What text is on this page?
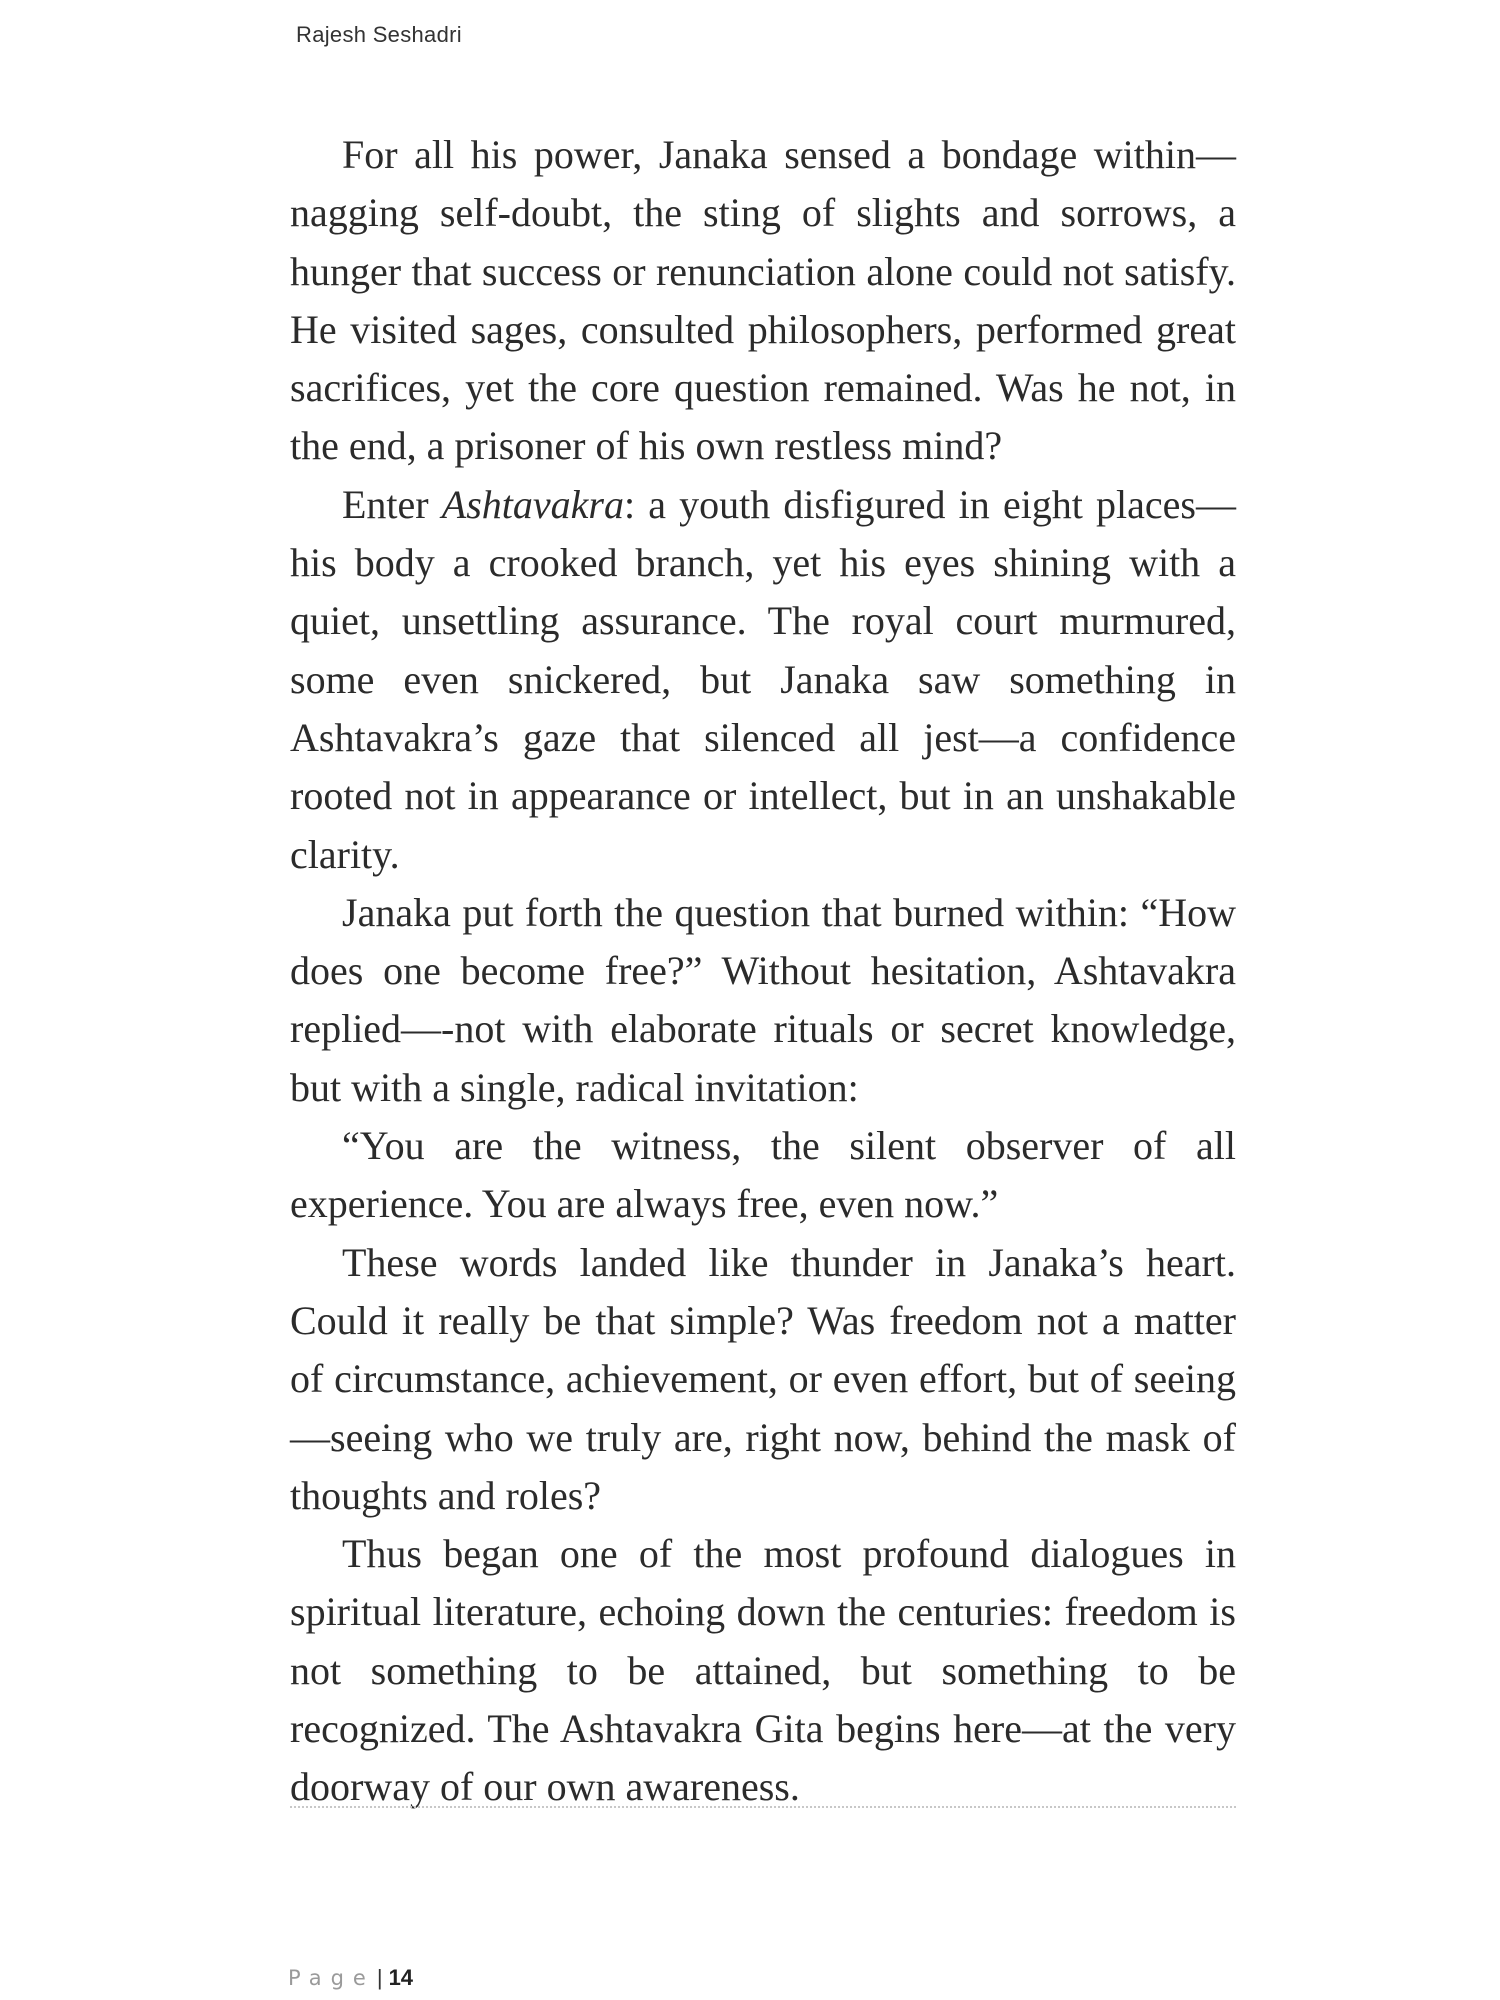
Rajesh Seshadri

For all his power, Janaka sensed a bondage within—nagging self-doubt, the sting of slights and sorrows, a hunger that success or renunciation alone could not satisfy. He visited sages, consulted philosophers, performed great sacrifices, yet the core question remained. Was he not, in the end, a prisoner of his own restless mind?

Enter Ashtavakra: a youth disfigured in eight places—his body a crooked branch, yet his eyes shining with a quiet, unsettling assurance. The royal court murmured, some even snickered, but Janaka saw something in Ashtavakra’s gaze that silenced all jest—a confidence rooted not in appearance or intellect, but in an unshakable clarity.

Janaka put forth the question that burned within: “How does one become free?” Without hesitation, Ashtavakra replied—-not with elaborate rituals or secret knowledge, but with a single, radical invitation:

“You are the witness, the silent observer of all experience. You are always free, even now.”

These words landed like thunder in Janaka’s heart. Could it really be that simple? Was freedom not a matter of circumstance, achievement, or even effort, but of seeing—seeing who we truly are, right now, behind the mask of thoughts and roles?

Thus began one of the most profound dialogues in spiritual literature, echoing down the centuries: freedom is not something to be attained, but something to be recognized. The Ashtavakra Gita begins here—at the very doorway of our own awareness.

Page | 14
